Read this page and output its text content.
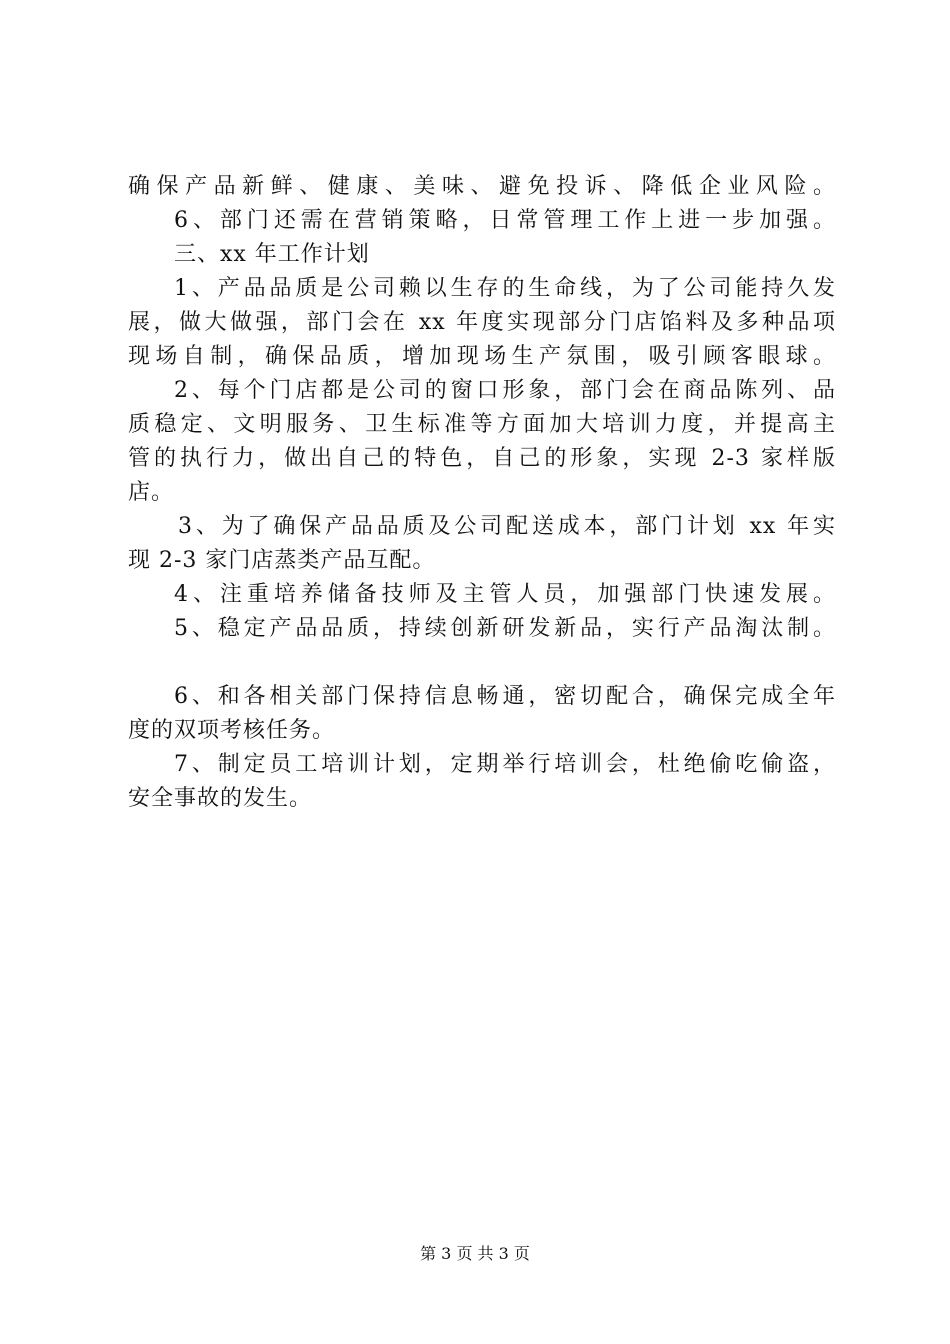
确保产品新鲜、健康、美味、避免投诉、降低企业风险。
6、部门还需在营销策略，日常管理工作上进一步加强。
三、xx 年工作计划
1、产品品质是公司赖以生存的生命线，为了公司能持久发
展，做大做强，部门会在 xx 年度实现部分门店馅料及多种品项
现场自制，确保品质，增加现场生产氛围，吸引顾客眼球。
2、每个门店都是公司的窗口形象，部门会在商品陈列、品
质稳定、文明服务、卫生标准等方面加大培训力度，并提高主
管的执行力，做出自己的特色，自己的形象，实现 2-3 家样版
店。
3、为了确保产品品质及公司配送成本，部门计划 xx 年实
现 2-3 家门店蒸类产品互配。
4、注重培养储备技师及主管人员，加强部门快速发展。
5、稳定产品品质，持续创新研发新品，实行产品淘汰制。
6、和各相关部门保持信息畅通，密切配合，确保完成全年
度的双项考核任务。
7、制定员工培训计划，定期举行培训会，杜绝偷吃偷盗，
安全事故的发生。
第 3 页 共 3 页
